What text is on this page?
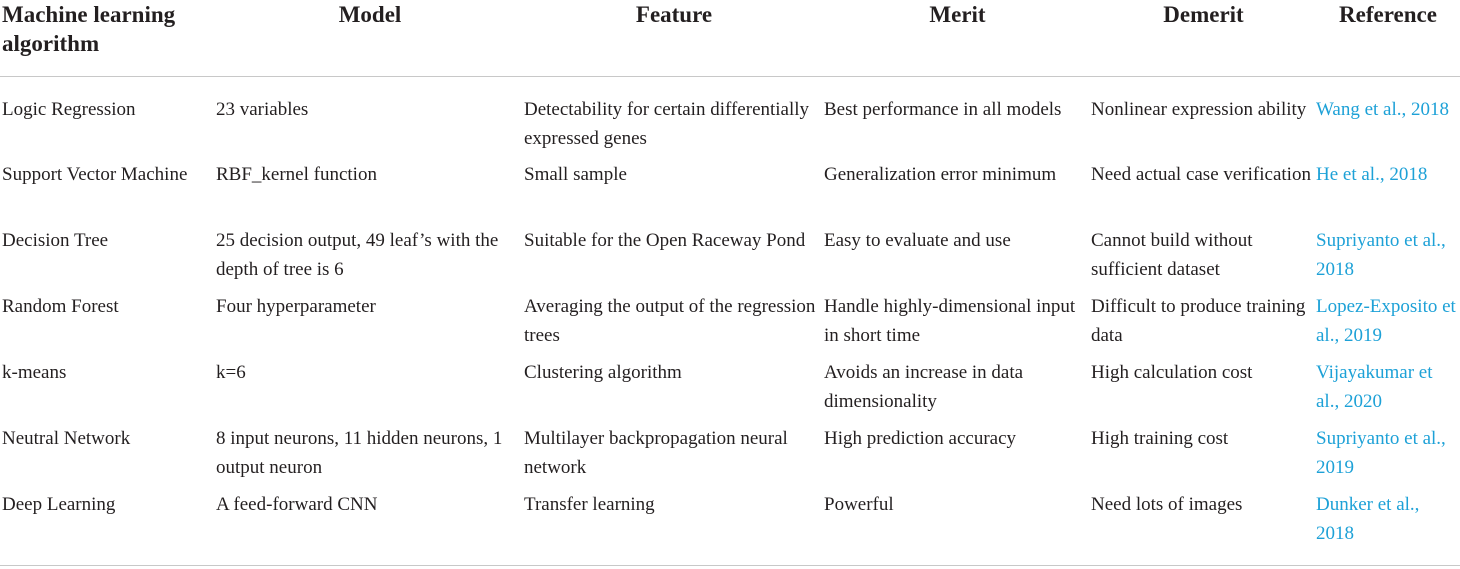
Machine learning algorithm	Model	Feature	Merit	Demerit	Reference

Logic Regression	23 variables	Detectability for certain differentially expressed genes	Best performance in all models	Nonlinear expression ability	Wang et al., 2018
Support Vector Machine	RBF_kernel function	Small sample	Generalization error minimum	Need actual case verification	He et al., 2018
Decision Tree	25 decision output, 49 leaf’s with the depth of tree is 6	Suitable for the Open Raceway Pond	Easy to evaluate and use	Cannot build without sufficient dataset	Supriyanto et al., 2018
Random Forest	Four hyperparameter	Averaging the output of the regression trees	Handle highly-dimensional input in short time	Difficult to produce training data	Lopez-Exposito et al., 2019
k-means	k=6	Clustering algorithm	Avoids an increase in data dimensionality	High calculation cost	Vijayakumar et al., 2020
Neutral Network	8 input neurons, 11 hidden neurons, 1 output neuron	Multilayer backpropagation neural network	High prediction accuracy	High training cost	Supriyanto et al., 2019
Deep Learning	A feed-forward CNN	Transfer learning	Powerful	Need lots of images	Dunker et al., 2018
